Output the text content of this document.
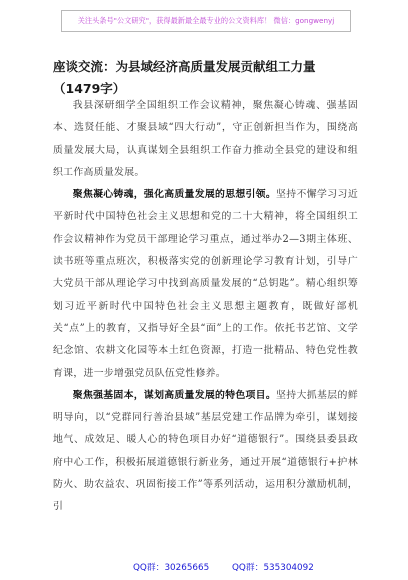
关注头条号"公文研究"，获得最新最全最专业的公文资料库！ 微信：gongwenyj
座谈交流：为县域经济高质量发展贡献组工力量（1479字）

我县深研细学全国组织工作会议精神，聚焦凝心铸魂、强基固本、选贤任能、才聚县域“四大行动”，守正创新担当作为，围绕高质量发展大局，认真谋划全县组织工作奋力推动全县党的建设和组织工作高质量发展。

聚焦凝心铸魂，强化高质量发展的思想引领。坚持不懈学习习近平新时代中国特色社会主义思想和党的二十大精神，将全国组织工作会议精神作为党员干部理论学习重点，通过举办2—3期主体班、读书班等重点班次，积极落实党的创新理论学习教育计划，引导广大党员干部从理论学习中找到高质量发展的“总钥匙”。精心组织筹划习近平新时代中国特色社会主义思想主题教育，既做好部机关“点”上的教育，又指导好全县“面”上的工作。依托书艺馆、文学纪念馆、农耕文化园等本土红色资源，打造一批精品、特色党性教育课，进一步增强党员队伍党性修养。

聚焦强基固本，谋划高质量发展的特色项目。坚持大抓基层的鲜明导向，以“党群同行善治县域”基层党建工作品牌为牵引，谋划接地气、成效足、暖人心的特色项目办好“道德银行”。围绕县委县政府中心工作，积极拓展道德银行新业务，通过开展“道德银行+护林防火、助农益农、巩固衔接工作”等系列活动，运用积分激励机制，引

QQ群：30265665	QQ群：535304092
